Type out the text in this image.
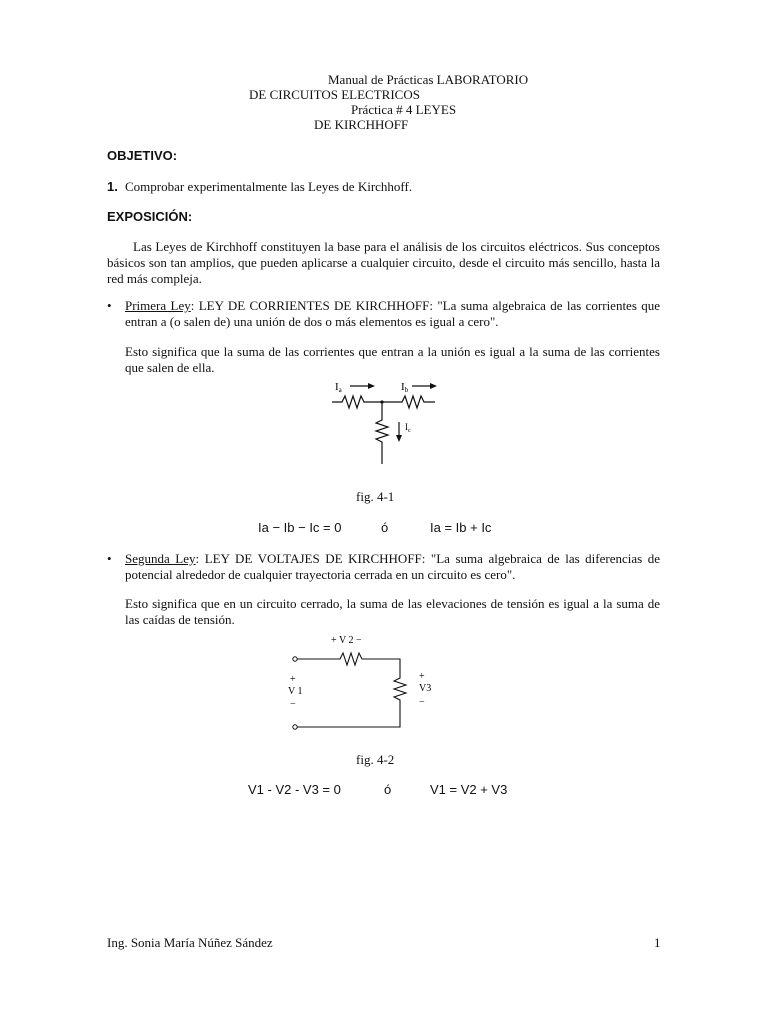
Manual de Prácticas LABORATORIO
DE CIRCUITOS ELECTRICOS
Práctica # 4 LEYES
DE KIRCHHOFF
OBJETIVO:
1. Comprobar experimentalmente las Leyes de Kirchhoff.
EXPOSICIÓN:
Las Leyes de Kirchhoff constituyen la base para el análisis de los circuitos eléctricos. Sus conceptos básicos son tan amplios, que pueden aplicarse a cualquier circuito, desde el circuito más sencillo, hasta la red más compleja.
• Primera Ley: LEY DE CORRIENTES DE KIRCHHOFF: "La suma algebraica de las corrientes que entran a (o salen de) una unión de dos o más elementos es igual a cero".
Esto significa que la suma de las corrientes que entran a la unión es igual a la suma de las corrientes que salen de ella.
Ia	Ib
$I_c$
fig. 4-1
Ia − Ib − Ic = 0	ó	Ia = Ib + Ic
• Segunda Ley: LEY DE VOLTAJES DE KIRCHHOFF: "La suma algebraica de las diferencias de potencial alrededor de cualquier trayectoria cerrada en un circuito es cero".
Esto significa que en un circuito cerrado, la suma de las elevaciones de tensión es igual a la suma de las caídas de tensión.
+ V 2 −
+
V 1
−
+
V3
−
fig. 4-2
V1 - V2 - V3 = 0	ó	V1 = V2 + V3
Ing. Sonia María Núñez Sández	1
